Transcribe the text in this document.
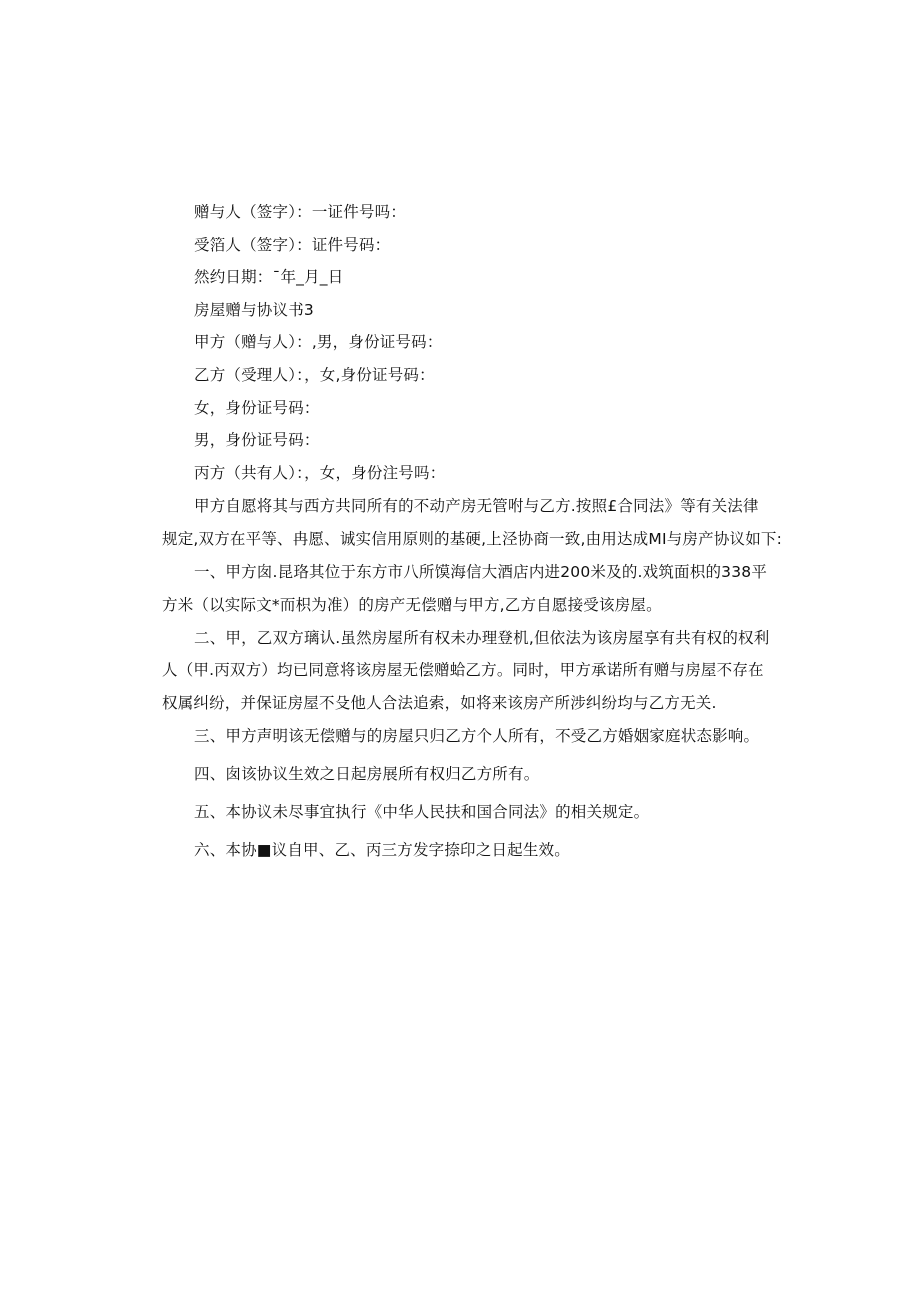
赠与人（签字）：一证件号吗：
受箔人（签字）：证件号码：
然约日期：¯年_月_日
房屋赠与协议书3
甲方（赠与人）：,男，身份证号码：
乙方（受理人）：，女,身份证号码：
女，身份证号码：
男，身份证号码：
丙方（共有人）：，女，身份注号吗：
甲方自愿将其与西方共同所有的不动产房无管咐与乙方.按照£合同法》等有关法律
规定,双方在平等、冉愿、诚实信用原则的基硬,上泾协商一致,由用达成MI与房产协议如下:
一、甲方囱.昆珞其位于东方市八所馍海信大酒店内进200米及的.戏筑面枳的338平
方米（以实际文*而枳为准）的房产无偿赠与甲方,乙方自愿接受该房屋。
二、甲，乙双方璃认.虽然房屋所有权未办理登机,但依法为该房屋享有共有权的权利
人（甲.丙双方）均已同意将该房屋无偿赠蛤乙方。同时，甲方承诺所有赠与房屋不存在
权属纠纷，并保证房屋不殳他人合法追索，如将来该房产所涉纠纷均与乙方无关.
三、甲方声明该无偿赠与的房屋只归乙方个人所有，不受乙方婚姻家庭状态影响。
四、囱该协议生效之日起房展所有权归乙方所有。
五、本协议未尽事宜执行《中华人民扶和国合同法》的相关规定。
六、本协■议自甲、乙、丙三方发字捺印之日起生效。
